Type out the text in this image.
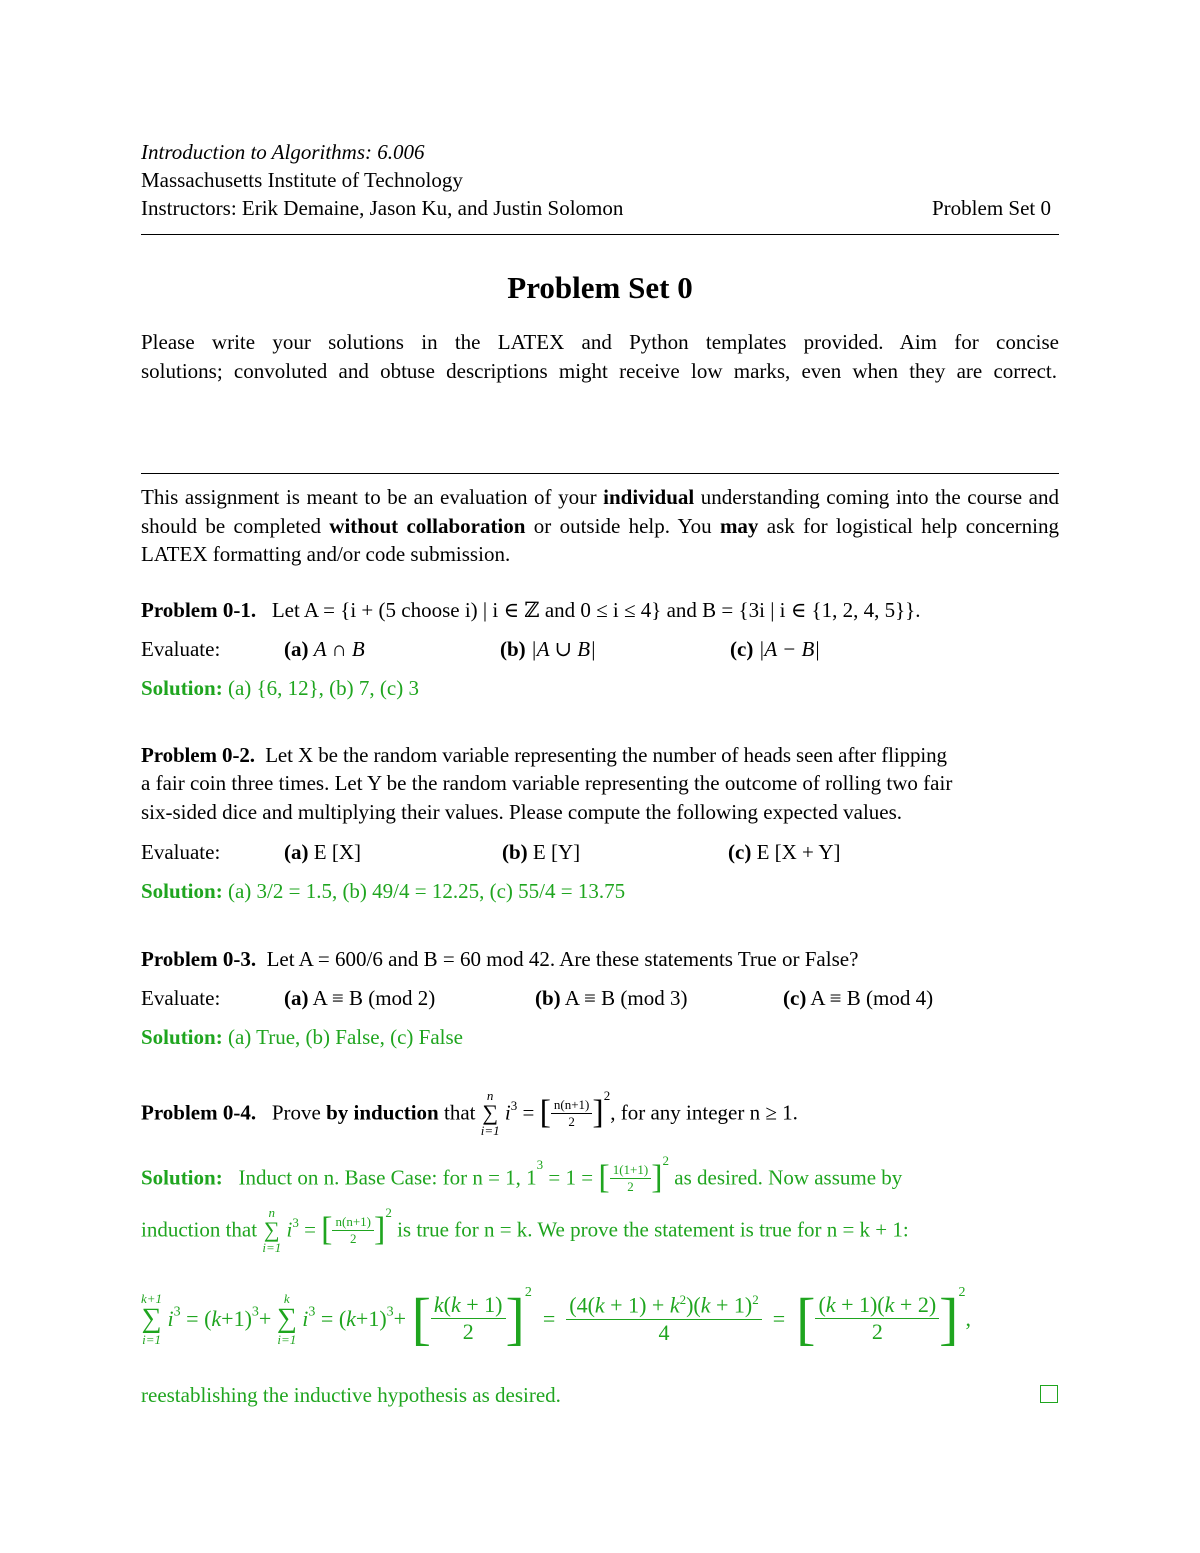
Introduction to Algorithms: 6.006
Massachusetts Institute of Technology
Instructors: Erik Demaine, Jason Ku, and Justin Solomon	Problem Set 0
Problem Set 0
Please write your solutions in the LATEX and Python templates provided. Aim for concise solutions; convoluted and obtuse descriptions might receive low marks, even when they are correct.
This assignment is meant to be an evaluation of your individual understanding coming into the course and should be completed without collaboration or outside help. You may ask for logistical help concerning LATEX formatting and/or code submission.
Problem 0-1. Let A = {i + (5 choose i) | i ∈ ℤ and 0 ≤ i ≤ 4} and B = {3i | i ∈ {1, 2, 4, 5}}.
Evaluate:	(a) A ∩ B	(b) |A ∪ B|	(c) |A − B|
Solution: (a) {6, 12}, (b) 7, (c) 3
Problem 0-2. Let X be the random variable representing the number of heads seen after flipping
a fair coin three times. Let Y be the random variable representing the outcome of rolling two fair
six-sided dice and multiplying their values. Please compute the following expected values.
Evaluate:	(a) E [X]	(b) E [Y]	(c) E [X + Y]
Solution: (a) 3/2 = 1.5, (b) 49/4 = 12.25, (c) 55/4 = 13.75
Problem 0-3. Let A = 600/6 and B = 60 mod 42. Are these statements True or False?
Evaluate:	(a) A ≡ B (mod 2)	(b) A ≡ B (mod 3)	(c) A ≡ B (mod 4)
Solution: (a) True, (b) False, (c) False
Problem 0-4. Prove by induction that
n
∑
i=1
$i^3$ = [ $\frac{n(n+1)}{2} ]^2$, for any integer n ≥ 1.
Solution: Induct on n. Base Case: for n = 1, $1^3 = 1$ = [ $\frac{1(1+1)}{2} ]^2$ as desired. Now assume by
induction that
n
∑
i=1
$i^3$ = [ $\frac{n(n+1)}{2} ]^2$ is true for n = k. We prove the statement is true for n = k + 1:
k+1
∑
i=1
$i^3 = (k+1)^3+$
k
∑
i=1
$i^3 = (k+1)^3+$ [ $\frac{k(k + 1)}{2} ]^2 = \frac{(4(k + 1) + k^2)(k + 1)^2}{4}$ =  [ $\frac{(k + 1)(k + 2)}{2} ]^2$,
reestablishing the inductive hypothesis as desired.
